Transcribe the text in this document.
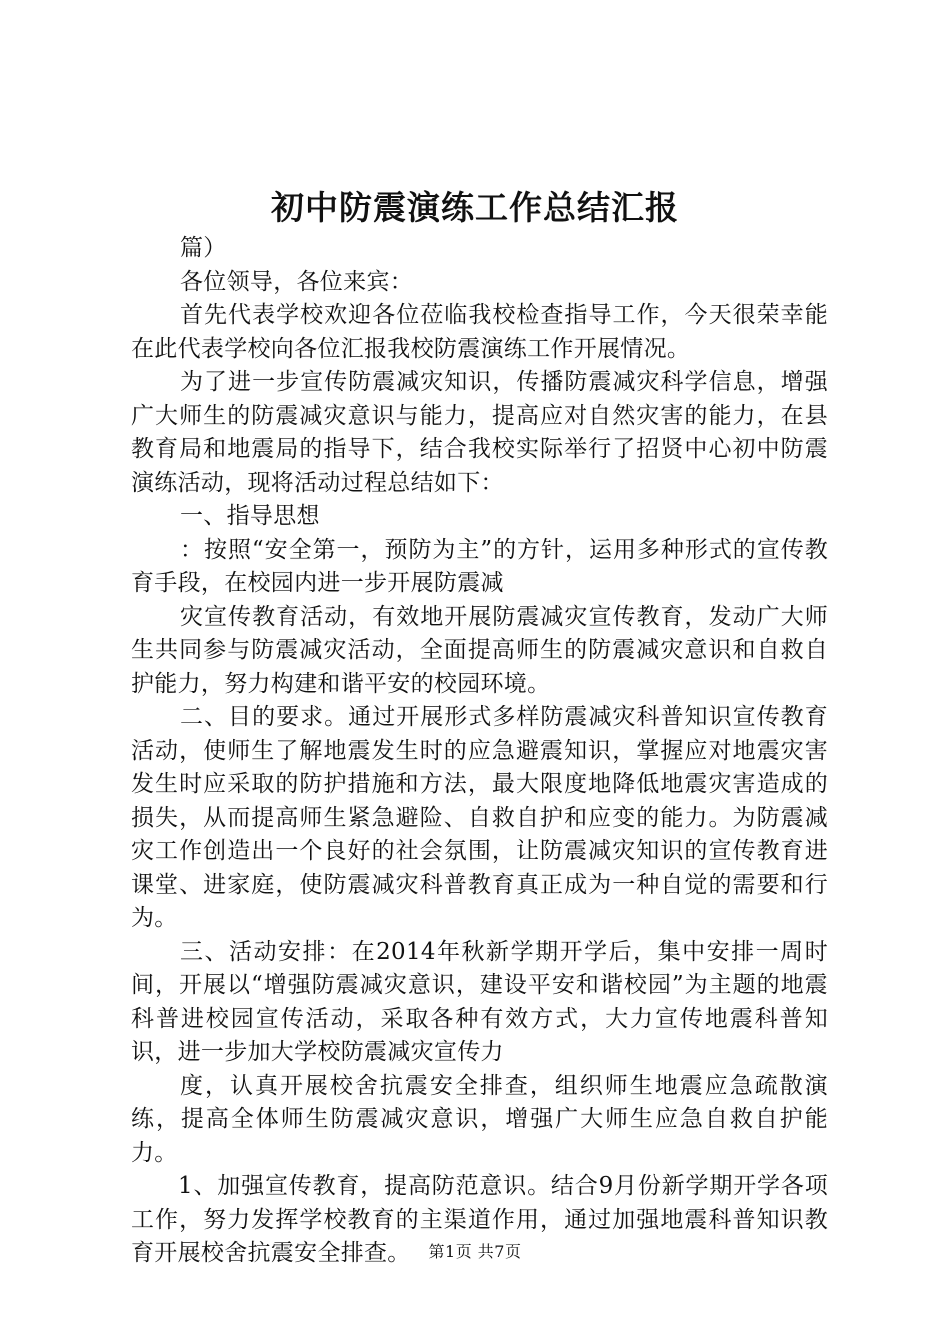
初中防震演练工作总结汇报

篇）

各位领导，各位来宾：

首先代表学校欢迎各位莅临我校检查指导工作，今天很荣幸能在此代表学校向各位汇报我校防震演练工作开展情况。

为了进一步宣传防震减灾知识，传播防震减灾科学信息，增强广大师生的防震减灾意识与能力，提高应对自然灾害的能力，在县教育局和地震局的指导下，结合我校实际举行了招贤中心初中防震演练活动，现将活动过程总结如下：

一、指导思想

：按照“安全第一，预防为主”的方针，运用多种形式的宣传教育手段，在校园内进一步开展防震减

灾宣传教育活动，有效地开展防震减灾宣传教育，发动广大师生共同参与防震减灾活动，全面提高师生的防震减灾意识和自救自护能力，努力构建和谐平安的校园环境。

二、目的要求。通过开展形式多样防震减灾科普知识宣传教育活动，使师生了解地震发生时的应急避震知识，掌握应对地震灾害发生时应采取的防护措施和方法，最大限度地降低地震灾害造成的损失，从而提高师生紧急避险、自救自护和应变的能力。为防震减灾工作创造出一个良好的社会氛围，让防震减灾知识的宣传教育进课堂、进家庭，使防震减灾科普教育真正成为一种自觉的需要和行为。

三、活动安排：在2014年秋新学期开学后，集中安排一周时间，开展以“增强防震减灾意识，建设平安和谐校园”为主题的地震科普进校园宣传活动，采取各种有效方式，大力宣传地震科普知识，进一步加大学校防震减灾宣传力

度，认真开展校舍抗震安全排查，组织师生地震应急疏散演练，提高全体师生防震减灾意识，增强广大师生应急自救自护能力。

1、加强宣传教育，提高防范意识。结合9月份新学期开学各项工作，努力发挥学校教育的主渠道作用，通过加强地震科普知识教育开展校舍抗震安全排查。	第1页 共7页
